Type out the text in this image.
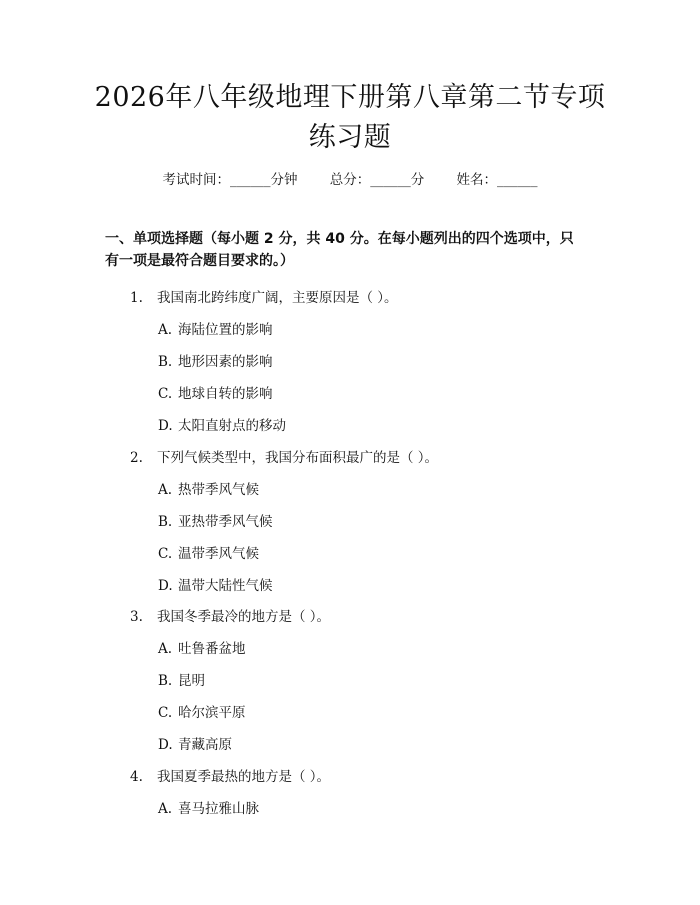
2026年八年级地理下册第八章第二节专项练习题
考试时间：______分钟 总分：______分 姓名：______
一、单项选择题（每小题 2 分，共 40 分。在每小题列出的四个选项中，只有一项是最符合题目要求的。）
1. 我国南北跨纬度广阔，主要原因是（ ）。
A. 海陆位置的影响
B. 地形因素的影响
C. 地球自转的影响
D. 太阳直射点的移动
2. 下列气候类型中，我国分布面积最广的是（ ）。
A. 热带季风气候
B. 亚热带季风气候
C. 温带季风气候
D. 温带大陆性气候
3. 我国冬季最冷的地方是（ ）。
A. 吐鲁番盆地
B. 昆明
C. 哈尔滨平原
D. 青藏高原
4. 我国夏季最热的地方是（ ）。
A. 喜马拉雅山脉
